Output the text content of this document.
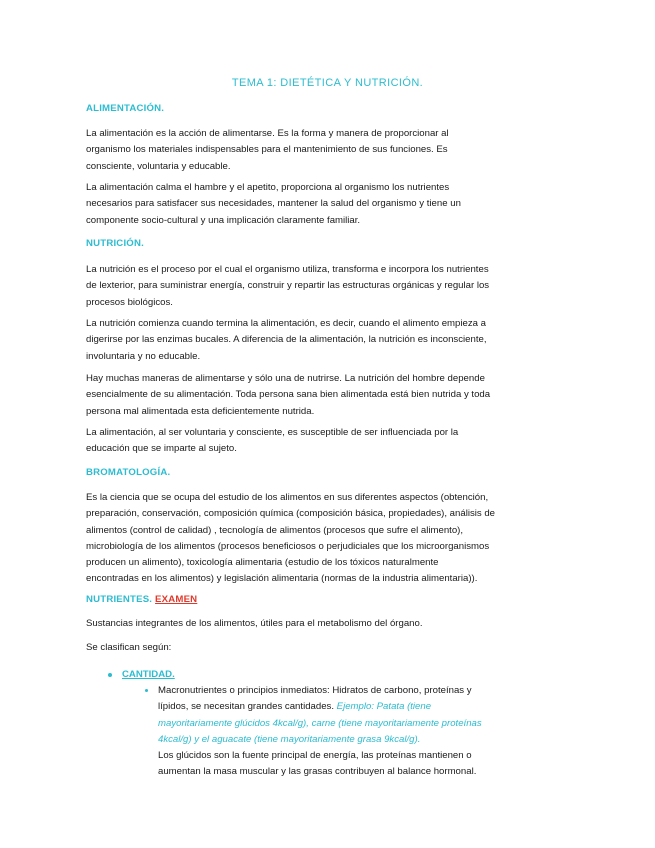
TEMA 1: DIETÉTICA Y NUTRICIÓN.
ALIMENTACIÓN.
La alimentación es la acción de alimentarse. Es la forma y manera de proporcionar al
organismo los materiales indispensables para el mantenimiento de sus funciones. Es
consciente, voluntaria y educable.
La alimentación calma el hambre y el apetito, proporciona al organismo los nutrientes
necesarios para satisfacer sus necesidades, mantener la salud del organismo y tiene un
componente socio-cultural y una implicación claramente familiar.
NUTRICIÓN.
La nutrición es el proceso por el cual el organismo utiliza, transforma e incorpora los nutrientes
de lexterior, para suministrar energía, construir y repartir las estructuras orgánicas y regular los
procesos biológicos.
La nutrición comienza cuando termina la alimentación, es decir, cuando el alimento empieza a
digerirse por las enzimas bucales. A diferencia de la alimentación, la nutrición es inconsciente,
involuntaria y no educable.
Hay muchas maneras de alimentarse y sólo una de nutrirse. La nutrición del hombre depende
esencialmente de su alimentación. Toda persona sana bien alimentada está bien nutrida y toda
persona mal alimentada esta deficientemente nutrida.
La alimentación, al ser voluntaria y consciente, es susceptible de ser influenciada por la
educación que se imparte al sujeto.
BROMATOLOGÍA.
Es la ciencia que se ocupa del estudio de los alimentos en sus diferentes aspectos (obtención,
preparación, conservación, composición química (composición básica, propiedades), análisis de
alimentos (control de calidad) , tecnología de alimentos (procesos que sufre el alimento),
microbiología de los alimentos (procesos beneficiosos o perjudiciales que los microorganismos
producen un alimento), toxicología alimentaria (estudio de los tóxicos naturalmente
encontradas en los alimentos) y legislación alimentaria (normas de la industria alimentaria)).
NUTRIENTES. EXAMEN
Sustancias integrantes de los alimentos, útiles para el metabolismo del órgano.
Se clasifican según:
CANTIDAD.
Macronutrientes o principios inmediatos: Hidratos de carbono, proteínas y
lípidos, se necesitan grandes cantidades. Ejemplo: Patata (tiene
mayoritariamente glúcidos 4kcal/g), carne (tiene mayoritariamente proteínas
4kcal/g) y el aguacate (tiene mayoritariamente grasa 9kcal/g).
Los glúcidos son la fuente principal de energía, las proteínas mantienen o
aumentan la masa muscular y las grasas contribuyen al balance hormonal.
